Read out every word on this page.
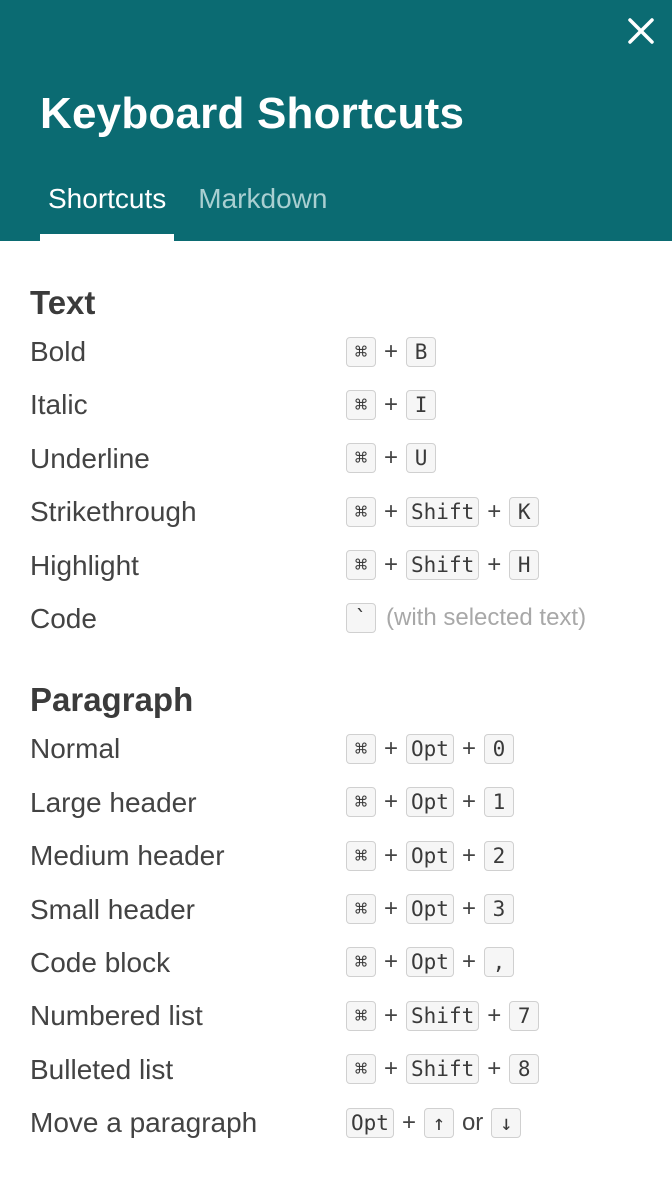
Keyboard Shortcuts
Shortcuts Markdown
Text
Bold	⌘ + B
Italic	⌘ + I
Underline	⌘ + U
Strikethrough	⌘ + Shift + K
Highlight	⌘ + Shift + H
Code	` (with selected text)
Paragraph
Normal	⌘ + Opt + 0
Large header	⌘ + Opt + 1
Medium header	⌘ + Opt + 2
Small header	⌘ + Opt + 3
Code block	⌘ + Opt + ,
Numbered list	⌘ + Shift + 7
Bulleted list	⌘ + Shift + 8
Move a paragraph	Opt + ↑ or ↓
